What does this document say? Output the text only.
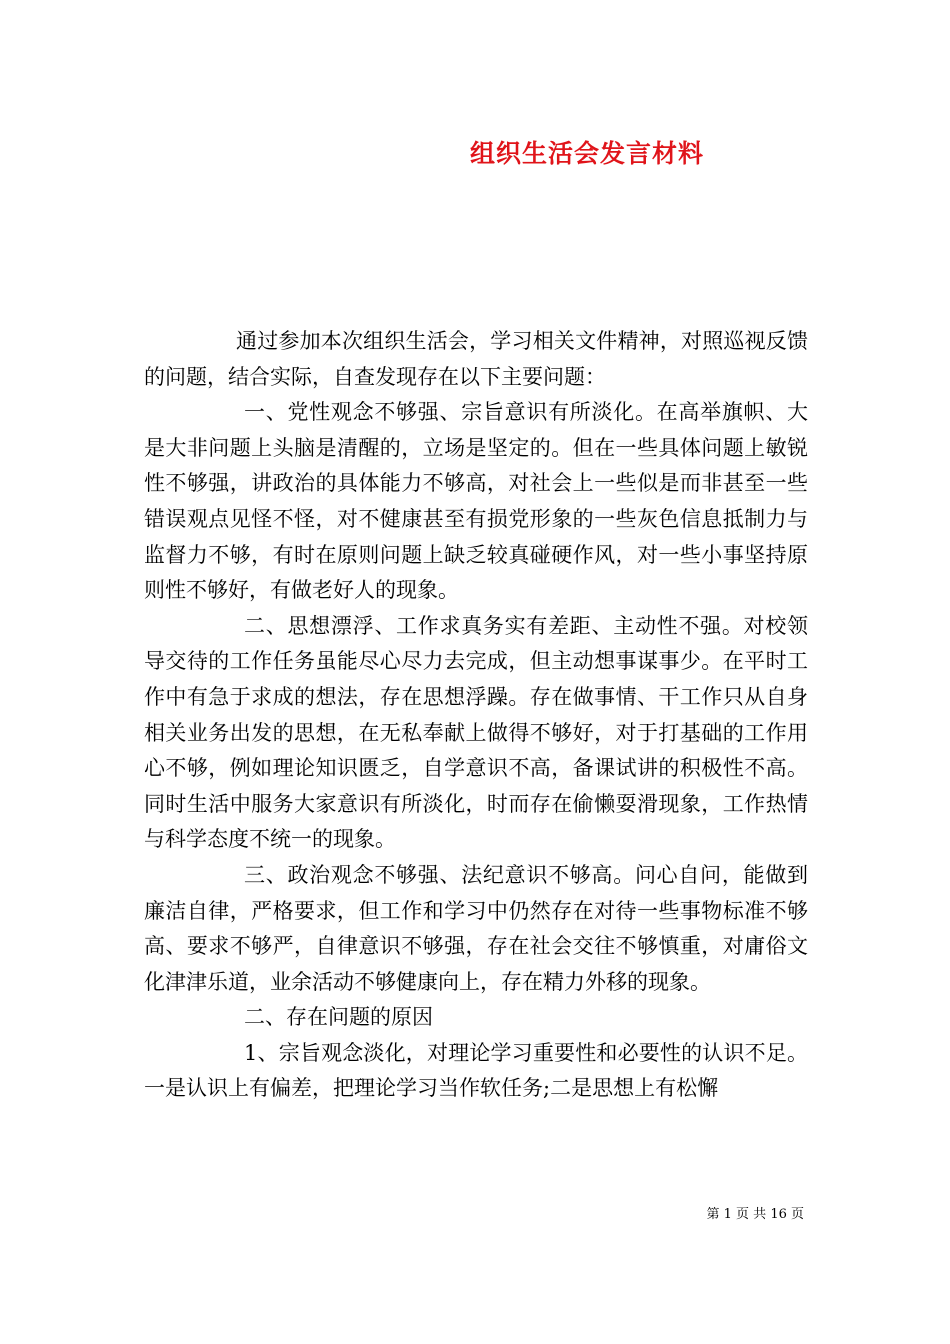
组织生活会发言材料

通过参加本次组织生活会，学习相关文件精神，对照巡视反馈的问题，结合实际，自查发现存在以下主要问题：

一、党性观念不够强、宗旨意识有所淡化。在高举旗帜、大是大非问题上头脑是清醒的，立场是坚定的。但在一些具体问题上敏锐性不够强，讲政治的具体能力不够高，对社会上一些似是而非甚至一些错误观点见怪不怪，对不健康甚至有损党形象的一些灰色信息抵制力与监督力不够，有时在原则问题上缺乏较真碰硬作风，对一些小事坚持原则性不够好，有做老好人的现象。

二、思想漂浮、工作求真务实有差距、主动性不强。对校领导交待的工作任务虽能尽心尽力去完成，但主动想事谋事少。在平时工作中有急于求成的想法，存在思想浮躁。存在做事情、干工作只从自身相关业务出发的思想，在无私奉献上做得不够好，对于打基础的工作用心不够，例如理论知识匮乏，自学意识不高，备课试讲的积极性不高。同时生活中服务大家意识有所淡化，时而存在偷懒耍滑现象，工作热情与科学态度不统一的现象。

三、政治观念不够强、法纪意识不够高。问心自问，能做到廉洁自律，严格要求，但工作和学习中仍然存在对待一些事物标准不够高、要求不够严，自律意识不够强，存在社会交往不够慎重，对庸俗文化津津乐道，业余活动不够健康向上，存在精力外移的现象。

二、存在问题的原因

1、宗旨观念淡化，对理论学习重要性和必要性的认识不足。一是认识上有偏差，把理论学习当作软任务;二是思想上有松懈

第 1 页 共 16 页
